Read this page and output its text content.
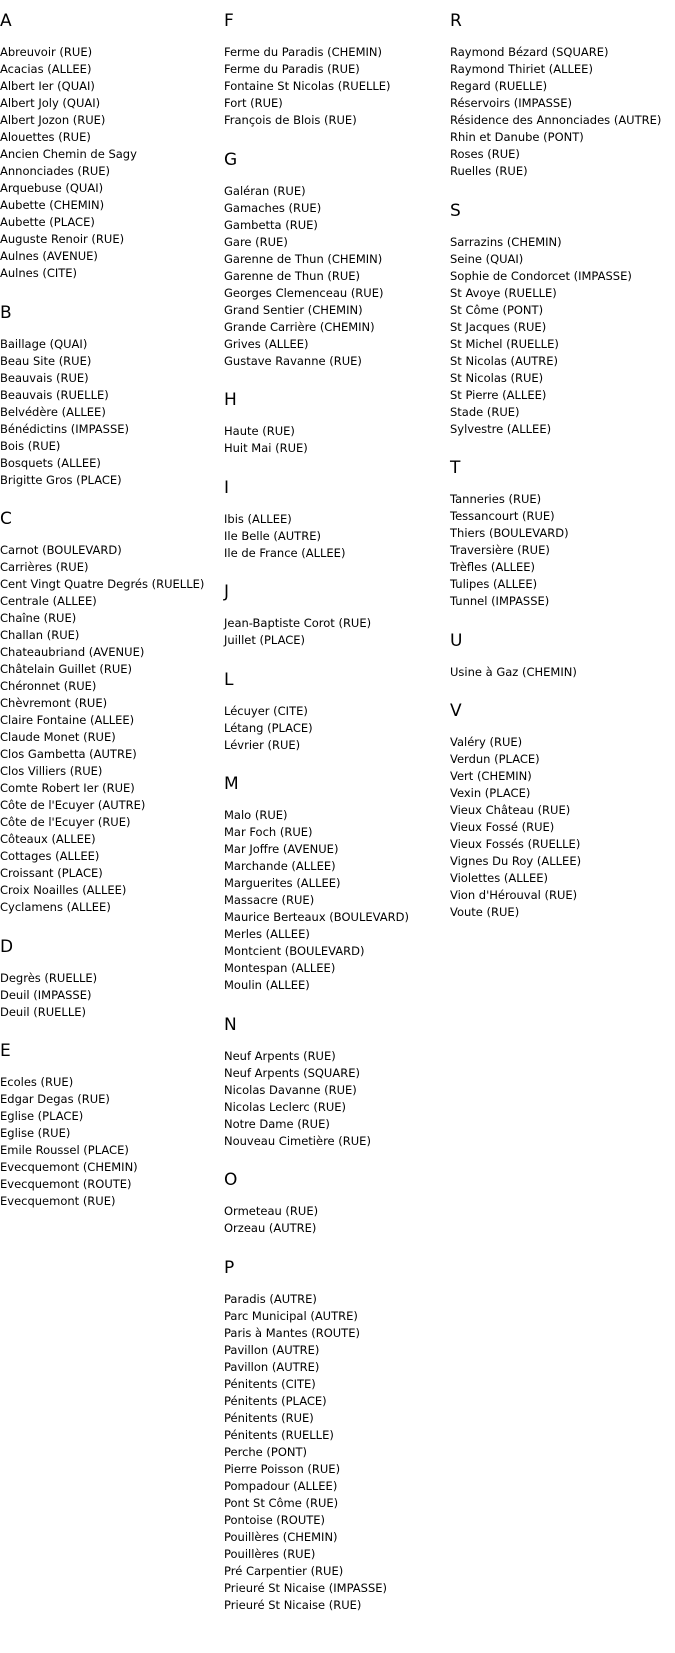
A
Abreuvoir (RUE)
Acacias (ALLEE)
Albert Ier (QUAI)
Albert Joly (QUAI)
Albert Jozon (RUE)
Alouettes (RUE)
Ancien Chemin de Sagy
Annonciades (RUE)
Arquebuse (QUAI)
Aubette (CHEMIN)
Aubette (PLACE)
Auguste Renoir (RUE)
Aulnes (AVENUE)
Aulnes (CITE)
B
Baillage (QUAI)
Beau Site (RUE)
Beauvais (RUE)
Beauvais (RUELLE)
Belvédère (ALLEE)
Bénédictins (IMPASSE)
Bois (RUE)
Bosquets (ALLEE)
Brigitte Gros (PLACE)
C
Carnot (BOULEVARD)
Carrières (RUE)
Cent Vingt Quatre Degrés (RUELLE)
Centrale (ALLEE)
Chaîne (RUE)
Challan (RUE)
Chateaubriand (AVENUE)
Châtelain Guillet (RUE)
Chéronnet (RUE)
Chèvremont (RUE)
Claire Fontaine (ALLEE)
Claude Monet (RUE)
Clos Gambetta (AUTRE)
Clos Villiers (RUE)
Comte Robert Ier (RUE)
Côte de l'Ecuyer (AUTRE)
Côte de l'Ecuyer (RUE)
Côteaux (ALLEE)
Cottages (ALLEE)
Croissant (PLACE)
Croix Noailles (ALLEE)
Cyclamens (ALLEE)
D
Degrès (RUELLE)
Deuil (IMPASSE)
Deuil (RUELLE)
E
Ecoles (RUE)
Edgar Degas (RUE)
Eglise (PLACE)
Eglise (RUE)
Emile Roussel (PLACE)
Evecquemont (CHEMIN)
Evecquemont (ROUTE)
Evecquemont (RUE)
F
Ferme du Paradis (CHEMIN)
Ferme du Paradis (RUE)
Fontaine St Nicolas (RUELLE)
Fort (RUE)
François de Blois (RUE)
G
Galéran (RUE)
Gamaches (RUE)
Gambetta (RUE)
Gare (RUE)
Garenne de Thun (CHEMIN)
Garenne de Thun (RUE)
Georges Clemenceau (RUE)
Grand Sentier (CHEMIN)
Grande Carrière (CHEMIN)
Grives (ALLEE)
Gustave Ravanne (RUE)
H
Haute (RUE)
Huit Mai (RUE)
I
Ibis (ALLEE)
Ile Belle (AUTRE)
Ile de France (ALLEE)
J
Jean-Baptiste Corot (RUE)
Juillet (PLACE)
L
Lécuyer (CITE)
Létang (PLACE)
Lévrier (RUE)
M
Malo (RUE)
Mar Foch (RUE)
Mar Joffre (AVENUE)
Marchande (ALLEE)
Marguerites (ALLEE)
Massacre (RUE)
Maurice Berteaux (BOULEVARD)
Merles (ALLEE)
Montcient (BOULEVARD)
Montespan (ALLEE)
Moulin (ALLEE)
N
Neuf Arpents (RUE)
Neuf Arpents (SQUARE)
Nicolas Davanne (RUE)
Nicolas Leclerc (RUE)
Notre Dame (RUE)
Nouveau Cimetière (RUE)
O
Ormeteau (RUE)
Orzeau (AUTRE)
P
Paradis (AUTRE)
Parc Municipal (AUTRE)
Paris à Mantes (ROUTE)
Pavillon (AUTRE)
Pavillon (AUTRE)
Pénitents (CITE)
Pénitents (PLACE)
Pénitents (RUE)
Pénitents (RUELLE)
Perche (PONT)
Pierre Poisson (RUE)
Pompadour (ALLEE)
Pont St Côme (RUE)
Pontoise (ROUTE)
Pouillères (CHEMIN)
Pouillères (RUE)
Pré Carpentier (RUE)
Prieuré St Nicaise (IMPASSE)
Prieuré St Nicaise (RUE)
R
Raymond Bézard (SQUARE)
Raymond Thiriet (ALLEE)
Regard (RUELLE)
Réservoirs (IMPASSE)
Résidence des Annonciades (AUTRE)
Rhin et Danube (PONT)
Roses (RUE)
Ruelles (RUE)
S
Sarrazins (CHEMIN)
Seine (QUAI)
Sophie de Condorcet (IMPASSE)
St Avoye (RUELLE)
St Côme (PONT)
St Jacques (RUE)
St Michel (RUELLE)
St Nicolas (AUTRE)
St Nicolas (RUE)
St Pierre (ALLEE)
Stade (RUE)
Sylvestre (ALLEE)
T
Tanneries (RUE)
Tessancourt (RUE)
Thiers (BOULEVARD)
Traversière (RUE)
Trèfles (ALLEE)
Tulipes (ALLEE)
Tunnel (IMPASSE)
U
Usine à Gaz (CHEMIN)
V
Valéry (RUE)
Verdun (PLACE)
Vert (CHEMIN)
Vexin (PLACE)
Vieux Château (RUE)
Vieux Fossé (RUE)
Vieux Fossés (RUELLE)
Vignes Du Roy (ALLEE)
Violettes (ALLEE)
Vion d'Hérouval (RUE)
Voute (RUE)
